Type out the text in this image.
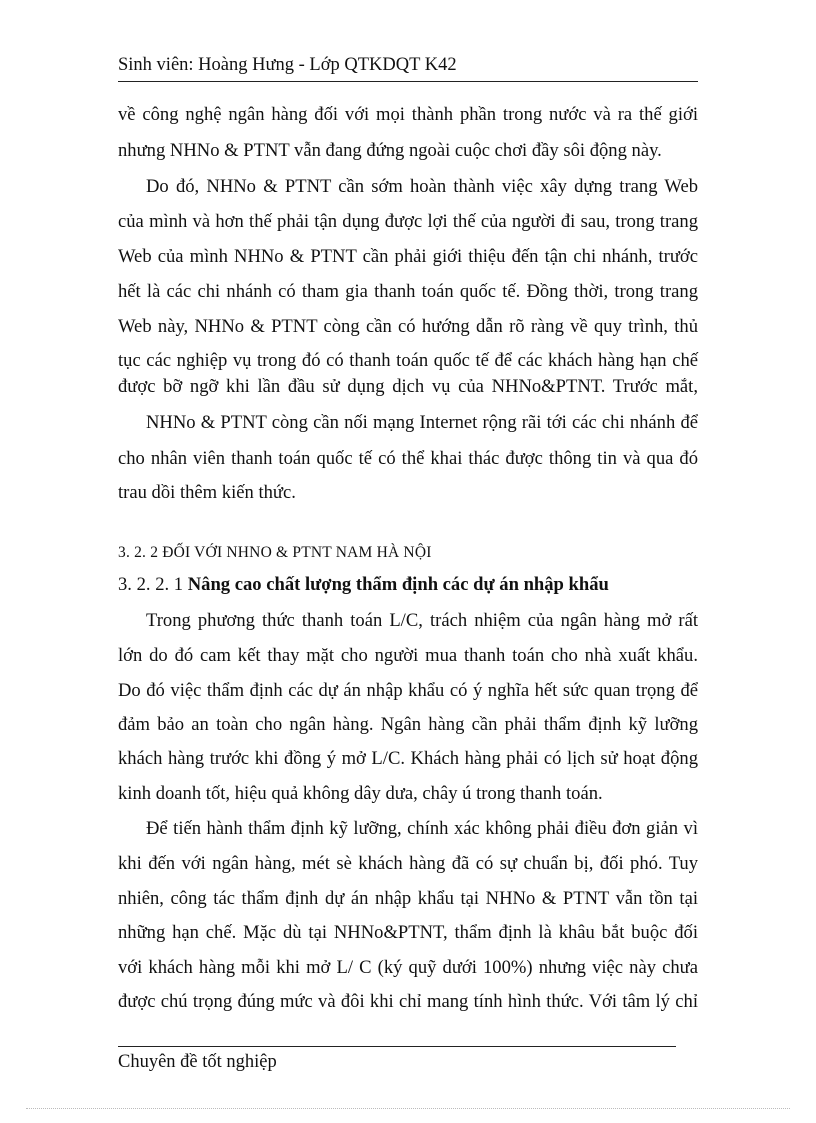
Sinh viên: Hoàng Hưng - Lớp QTKDQT K42
về công nghệ ngân hàng đối với mọi thành phần trong nước và ra thế giới
nhưng NHNo & PTNT vẫn đang đứng ngoài cuộc chơi đầy sôi động này.
Do đó, NHNo & PTNT cần sớm hoàn thành việc xây dựng trang Web
của mình và hơn thế phải tận dụng được lợi thế của người đi sau, trong trang
Web của mình NHNo & PTNT cần phải giới thiệu đến tận chi nhánh, trước
hết là các chi nhánh có tham gia thanh toán quốc tế. Đồng thời, trong trang
Web này, NHNo & PTNT còng cần có hướng dẫn rõ ràng về quy trình, thủ
tục các nghiệp vụ trong đó có thanh toán quốc tế để các khách hàng hạn chế
được bỡ ngỡ khi lần đầu sử dụng dịch vụ của NHNo&PTNT. Trước mắt,
NHNo & PTNT còng cần nối mạng Internet rộng rãi tới các chi nhánh để
cho nhân viên thanh toán quốc tế có thể khai thác được thông tin và qua đó
trau dồi thêm kiến thức.
3. 2. 2 ĐỐI VỚI NHNO & PTNT NAM HÀ NỘI
3. 2. 2. 1 Nâng cao chất lượng thẩm định các dự án nhập khẩu
Trong phương thức thanh toán L/C, trách nhiệm của ngân hàng mở rất
lớn do đó cam kết thay mặt cho người mua thanh toán cho nhà xuất khẩu.
Do đó việc thẩm định các dự án nhập khẩu có ý nghĩa hết sức quan trọng để
đảm bảo an toàn cho ngân hàng. Ngân hàng cần phải thẩm định kỹ lưỡng
khách hàng trước khi đồng ý mở L/C. Khách hàng phải có lịch sử hoạt động
kinh doanh tốt, hiệu quả không dây dưa, chây ú trong thanh toán.
Để tiến hành thẩm định kỹ lưỡng, chính xác không phải điều đơn giản vì
khi đến với ngân hàng, mét sè khách hàng đã có sự chuẩn bị, đối phó. Tuy
nhiên, công tác thẩm định dự án nhập khẩu tại NHNo & PTNT vẫn tồn tại
những hạn chế. Mặc dù tại NHNo&PTNT, thẩm định là khâu bắt buộc đối
với khách hàng mỗi khi mở L/ C (ký quỹ dưới 100%) nhưng việc này chưa
được chú trọng đúng mức và đôi khi chỉ mang tính hình thức. Với tâm lý chỉ
Chuyên đề tốt nghiệp
